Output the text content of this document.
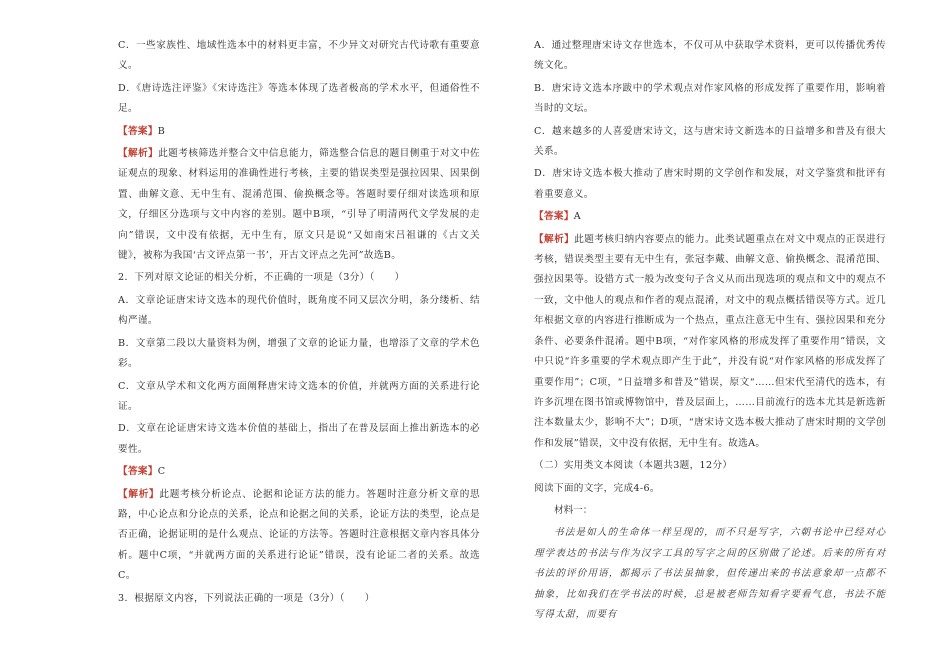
C．一些家族性、地域性选本中的材料更丰富，不少异文对研究古代诗歌有重要意义。

D．《唐诗选注评鉴》《宋诗选注》等选本体现了选者极高的学术水平，但通俗性不足。

【答案】B

【解析】此题考核筛选并整合文中信息能力，筛选整合信息的题目侧重于对文中佐证观点的现象、材料运用的准确性进行考核，主要的错误类型是强拉因果、因果倒置、曲解文意、无中生有、混淆范围、偷换概念等。答题时要仔细对读选项和原文，仔细区分选项与文中内容的差别。题中B项，“引导了明清两代文学发展的走向”错误，文中没有依据，无中生有，原文只是说“又如南宋吕祖谦的《古文关键》，被称为我国‘古文评点第一书’，开古文评点之先河”故选B。

2．下列对原文论证的相关分析，不正确的一项是（3分）（　　）

A．文章论证唐宋诗文选本的现代价值时，既角度不同又层次分明，条分缕析、结构严谨。

B．文章第二段以大量资料为例，增强了文章的论证力量，也增添了文章的学术色彩。

C．文章从学术和文化两方面阐释唐宋诗文选本的价值，并就两方面的关系进行论证。

D．文章在论证唐宋诗文选本价值的基础上，指出了在普及层面上推出新选本的必要性。

【答案】C

【解析】此题考核分析论点、论据和论证方法的能力。答题时注意分析文章的思路，中心论点和分论点的关系，论点和论据之间的关系，论证方法的类型，论点是否正确，论据证明的是什么观点、论证的方法等。答题时注意根据文章内容具体分析。题中C项，“并就两方面的关系进行论证”错误，没有论证二者的关系。故选C。

3．根据原文内容，下列说法正确的一项是（3分）（　　）

A．通过整理唐宋诗文存世选本，不仅可从中获取学术资料，更可以传播优秀传统文化。

B．唐宋诗文选本序跋中的学术观点对作家风格的形成发挥了重要作用，影响着当时的文坛。

C．越来越多的人喜爱唐宋诗文，这与唐宋诗文新选本的日益增多和普及有很大关系。

D．唐宋诗文选本极大推动了唐宋时期的文学创作和发展，对文学鉴赏和批评有着重要意义。

【答案】A

【解析】此题考核归纳内容要点的能力。此类试题重点在对文中观点的正误进行考核，错误类型主要有无中生有，张冠李戴、曲解文意、偷换概念、混淆范围、强拉因果等。设错方式一般为改变句子含义从而出现选项的观点和文中的观点不一致，文中他人的观点和作者的观点混淆，对文中的观点概括错误等方式。近几年根据文章的内容进行推断成为一个热点，重点注意无中生有、强拉因果和充分条件、必要条件混淆。题中B项，“对作家风格的形成发挥了重要作用”错误，文中只说“许多重要的学术观点即产生于此”，并没有说“对作家风格的形成发挥了重要作用”；C项，“日益增多和普及”错误，原文“……但宋代至清代的选本，有许多沉埋在图书馆或博物馆中，普及层面上，……目前流行的选本尤其是新选新注本数量太少，影响不大”；D项，“唐宋诗文选本极大推动了唐宋时期的文学创作和发展”错误，文中没有依据，无中生有。故选A。

（二）实用类文本阅读（本题共3题，12分）

阅读下面的文字，完成4-6。

材料一：

书法是如人的生命体一样呈现的，而不只是写字，六朝书论中已经对心理学表达的书法与作为汉字工具的写字之间的区别做了论述。后来的所有对书法的评价用语，都揭示了书法虽抽象，但传递出来的书法意象却一点都不抽象，比如我们在学书法的时候，总是被老师告知看字要看气息，书法不能写得太甜，而要有
